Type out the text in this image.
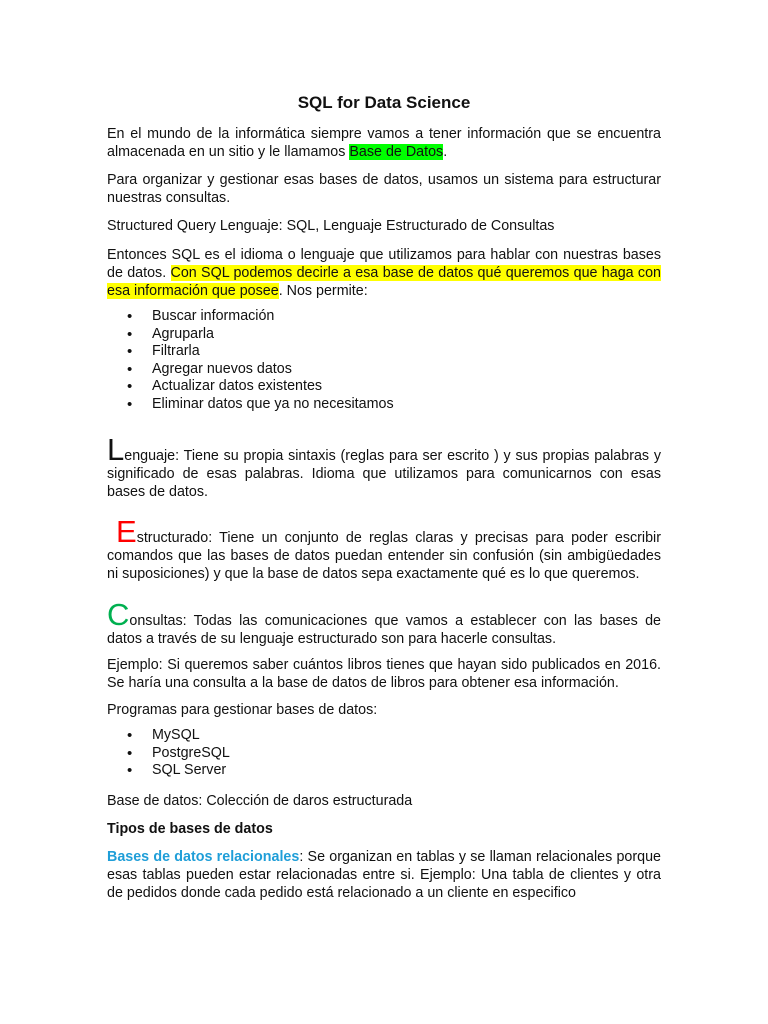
SQL for Data Science
En el mundo de la informática siempre vamos a tener información que se encuentra almacenada en un sitio y le llamamos Base de Datos.
Para organizar y gestionar esas bases de datos, usamos un sistema para estructurar nuestras consultas.
Structured Query Lenguaje: SQL, Lenguaje Estructurado de Consultas
Entonces SQL es el idioma o lenguaje que utilizamos para hablar con nuestras bases de datos. Con SQL podemos decirle a esa base de datos qué queremos que haga con esa información que posee. Nos permite:
• Buscar información
• Agruparla
• Filtrarla
• Agregar nuevos datos
• Actualizar datos existentes
• Eliminar datos que ya no necesitamos
Lenguaje: Tiene su propia sintaxis (reglas para ser escrito ) y sus propias palabras y significado de esas palabras. Idioma que utilizamos para comunicarnos con esas bases de datos.
Estructurado: Tiene un conjunto de reglas claras y precisas para poder escribir comandos que las bases de datos puedan entender sin confusión (sin ambigüedades ni suposiciones) y que la base de datos sepa exactamente qué es lo que queremos.
Consultas: Todas las comunicaciones que vamos a establecer con las bases de datos a través de su lenguaje estructurado son para hacerle consultas.
Ejemplo: Si queremos saber cuántos libros tienes que hayan sido publicados en 2016. Se haría una consulta a la base de datos de libros para obtener esa información.
Programas para gestionar bases de datos:
• MySQL
• PostgreSQL
• SQL Server
Base de datos: Colección de daros estructurada
Tipos de bases de datos
Bases de datos relacionales: Se organizan en tablas y se llaman relacionales porque esas tablas pueden estar relacionadas entre si. Ejemplo: Una tabla de clientes y otra de pedidos donde cada pedido está relacionado a un cliente en especifico
